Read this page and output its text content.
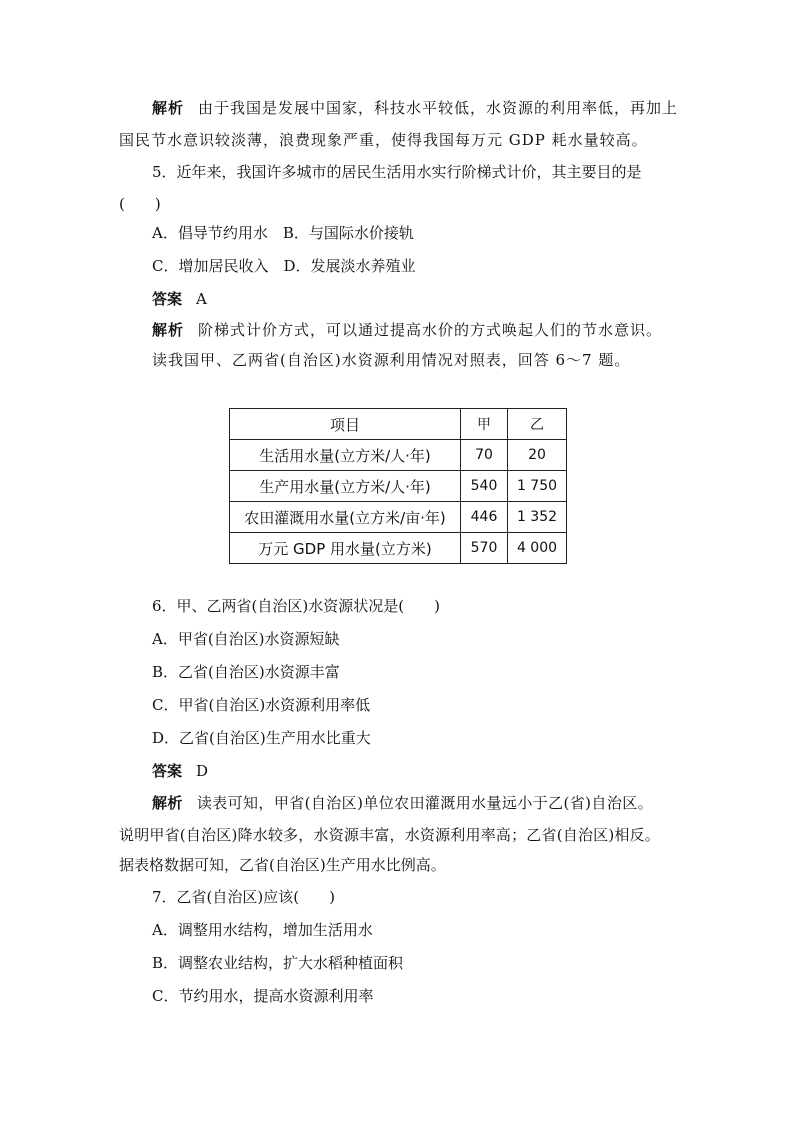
解析 由于我国是发展中国家，科技水平较低，水资源的利用率低，再加上
国民节水意识较淡薄，浪费现象严重，使得我国每万元 GDP 耗水量较高。
5．近年来，我国许多城市的居民生活用水实行阶梯式计价，其主要目的是
(　　)
A．倡导节约用水　B．与国际水价接轨
C．增加居民收入　D．发展淡水养殖业
答案 A
解析 阶梯式计价方式，可以通过提高水价的方式唤起人们的节水意识。
读我国甲、乙两省(自治区)水资源利用情况对照表，回答 6～7 题。
项目	甲	乙
生活用水量(立方米/人·年)	70	20
生产用水量(立方米/人·年)	540	1 750
农田灌溉用水量(立方米/亩·年)	446	1 352
万元 GDP 用水量(立方米)	570	4 000
6．甲、乙两省(自治区)水资源状况是(　　)
A．甲省(自治区)水资源短缺
B．乙省(自治区)水资源丰富
C．甲省(自治区)水资源利用率低
D．乙省(自治区)生产用水比重大
答案 D
解析 读表可知，甲省(自治区)单位农田灌溉用水量远小于乙(省)自治区。
说明甲省(自治区)降水较多，水资源丰富，水资源利用率高；乙省(自治区)相反。
据表格数据可知，乙省(自治区)生产用水比例高。
7．乙省(自治区)应该(　　)
A．调整用水结构，增加生活用水
B．调整农业结构，扩大水稻种植面积
C．节约用水，提高水资源利用率
